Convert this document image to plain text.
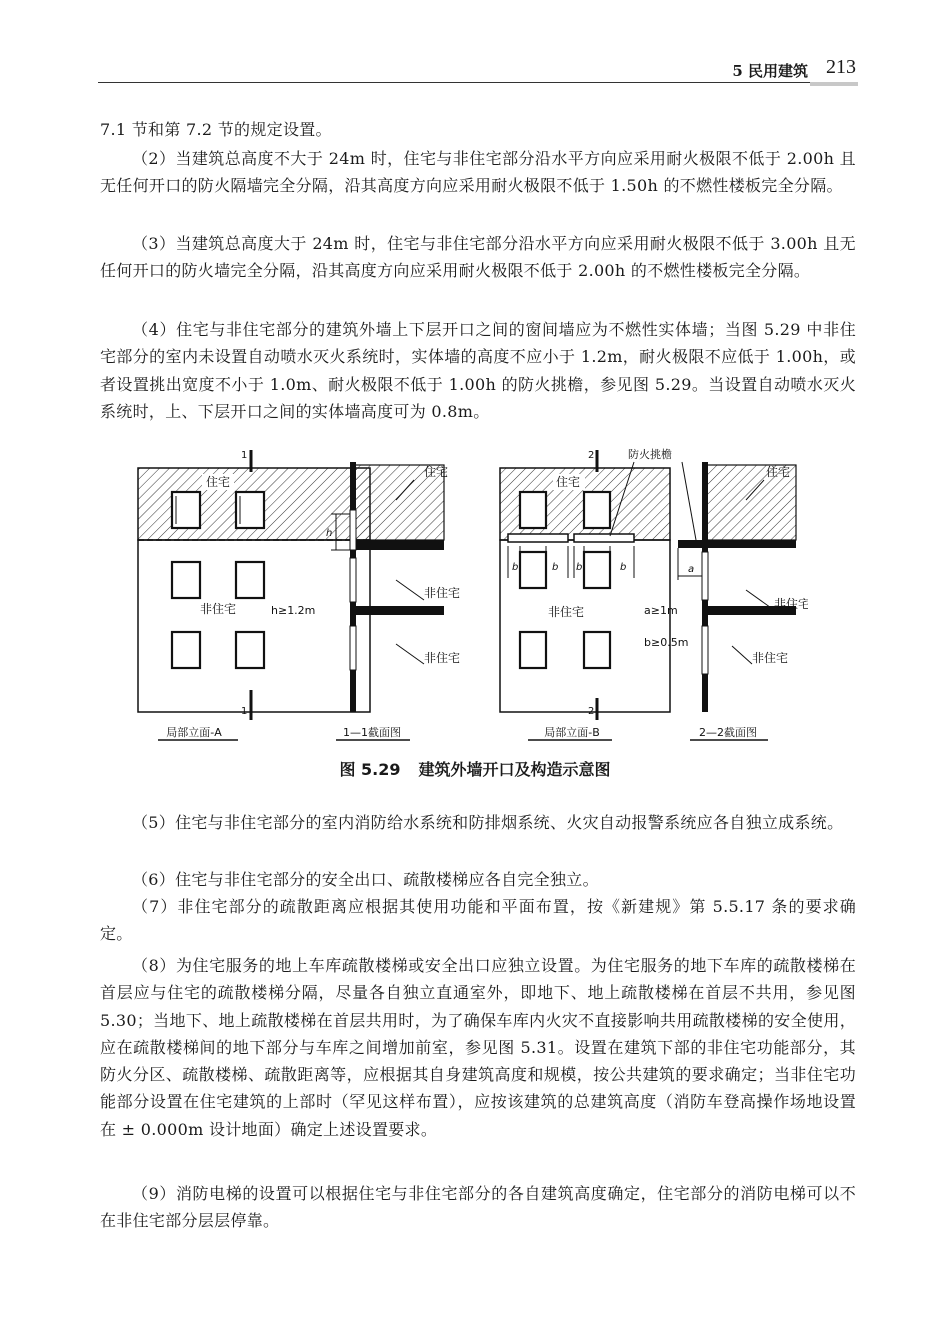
5 民用建筑 213

7.1 节和第 7.2 节的规定设置。

（2）当建筑总高度不大于 24m 时，住宅与非住宅部分沿水平方向应采用耐火极限不低于 2.00h 且无任何开口的防火隔墙完全分隔，沿其高度方向应采用耐火极限不低于 1.50h 的不燃性楼板完全分隔。

（3）当建筑总高度大于 24m 时，住宅与非住宅部分沿水平方向应采用耐火极限不低于 3.00h 且无任何开口的防火墙完全分隔，沿其高度方向应采用耐火极限不低于 2.00h 的不燃性楼板完全分隔。

（4）住宅与非住宅部分的建筑外墙上下层开口之间的窗间墙应为不燃性实体墙；当图 5.29 中非住宅部分的室内未设置自动喷水灭火系统时，实体墙的高度不应小于 1.2m，耐火极限不应低于 1.00h，或者设置挑出宽度不小于 1.0m、耐火极限不低于 1.00h 的防火挑檐，参见图 5.29。当设置自动喷水灭火系统时，上、下层开口之间的实体墙高度可为 0.8m。

住宅
非住宅
1
1
局部立面-A
h
h≥1.2m
住宅
非住宅
非住宅
1—1截面图
b	b b	b
住宅
非住宅
2
2
防火挑檐
局部立面-B
a
a≥1m
b≥0.5m
住宅
非住宅
非住宅
2—2截面图
图 5.29 建筑外墙开口及构造示意图

（5）住宅与非住宅部分的室内消防给水系统和防排烟系统、火灾自动报警系统应各自独立成系统。

（6）住宅与非住宅部分的安全出口、疏散楼梯应各自完全独立。

（7）非住宅部分的疏散距离应根据其使用功能和平面布置，按《新建规》第 5.5.17 条的要求确定。

（8）为住宅服务的地上车库疏散楼梯或安全出口应独立设置。为住宅服务的地下车库的疏散楼梯在首层应与住宅的疏散楼梯分隔，尽量各自独立直通室外，即地下、地上疏散楼梯在首层不共用，参见图 5.30；当地下、地上疏散楼梯在首层共用时，为了确保车库内火灾不直接影响共用疏散楼梯的安全使用，应在疏散楼梯间的地下部分与车库之间增加前室，参见图 5.31。设置在建筑下部的非住宅功能部分，其防火分区、疏散楼梯、疏散距离等，应根据其自身建筑高度和规模，按公共建筑的要求确定；当非住宅功能部分设置在住宅建筑的上部时（罕见这样布置），应按该建筑的总建筑高度（消防车登高操作场地设置在 ± 0.000m 设计地面）确定上述设置要求。

（9）消防电梯的设置可以根据住宅与非住宅部分的各自建筑高度确定，住宅部分的消防电梯可以不在非住宅部分层层停靠。
